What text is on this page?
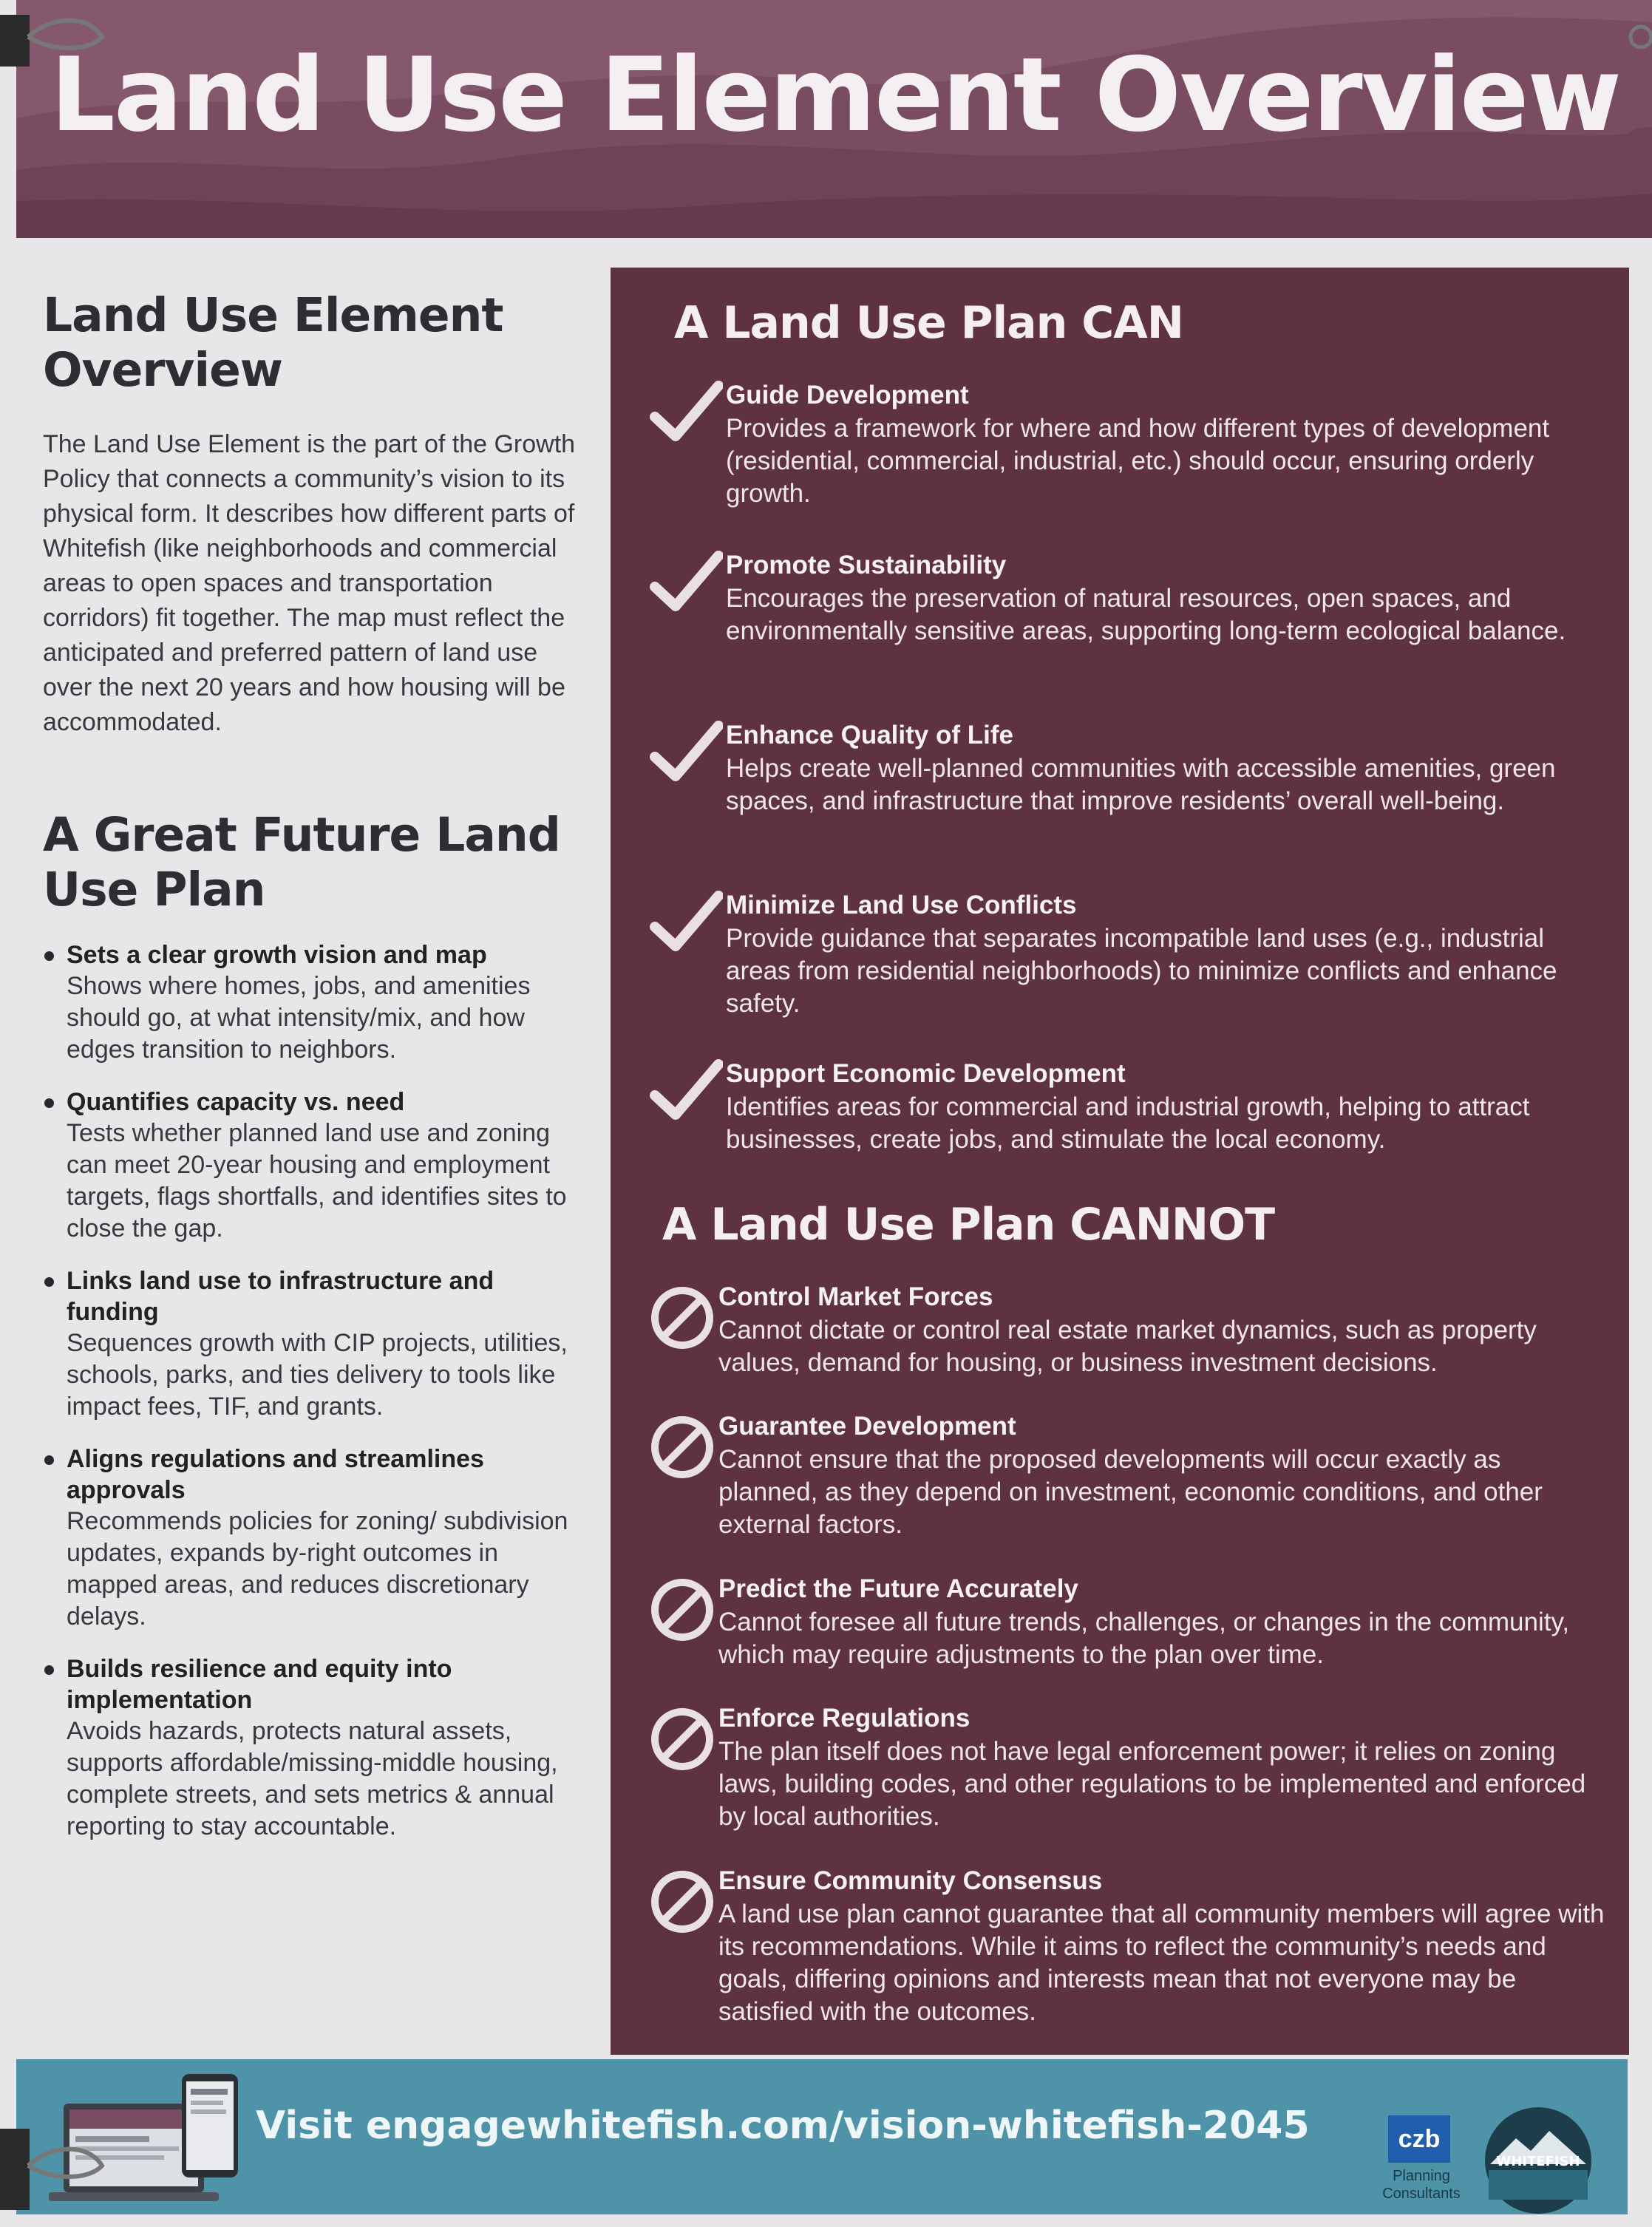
Land Use Element Overview
Land Use Element Overview

The Land Use Element is the part of the Growth Policy that connects a community’s vision to its physical form. It describes how different parts of Whitefish (like neighborhoods and commercial areas to open spaces and transportation corridors) fit together. The map must reflect the anticipated and preferred pattern of land use over the next 20 years and how housing will be accommodated.

A Great Future Land Use Plan
Sets a clear growth vision and map
Shows where homes, jobs, and amenities should go, at what intensity/mix, and how edges transition to neighbors.
Quantifies capacity vs. need
Tests whether planned land use and zoning can meet 20-year housing and employment targets, flags shortfalls, and identifies sites to close the gap.
Links land use to infrastructure and funding
Sequences growth with CIP projects, utilities, schools, parks, and ties delivery to tools like impact fees, TIF, and grants.
Aligns regulations and streamlines approvals
Recommends policies for zoning/ subdivision updates, expands by-right outcomes in mapped areas, and reduces discretionary delays.
Builds resilience and equity into implementation
Avoids hazards, protects natural assets, supports affordable/missing-middle housing, complete streets, and sets metrics & annual reporting to stay accountable.
A Land Use Plan CAN
Guide Development
Provides a framework for where and how different types of development (residential, commercial, industrial, etc.) should occur, ensuring orderly growth.
Promote Sustainability
Encourages the preservation of natural resources, open spaces, and environmentally sensitive areas, supporting long-term ecological balance.
Enhance Quality of Life
Helps create well-planned communities with accessible amenities, green spaces, and infrastructure that improve residents’ overall well-being.
Minimize Land Use Conflicts
Provide guidance that separates incompatible land uses (e.g., industrial areas from residential neighborhoods) to minimize conflicts and enhance safety.
Support Economic Development
Identifies areas for commercial and industrial growth, helping to attract businesses, create jobs, and stimulate the local economy.
A Land Use Plan CANNOT
Control Market Forces
Cannot dictate or control real estate market dynamics, such as property values, demand for housing, or business investment decisions.
Guarantee Development
Cannot ensure that the proposed developments will occur exactly as planned, as they depend on investment, economic conditions, and other external factors.
Predict the Future Accurately
Cannot foresee all future trends, challenges, or changes in the community, which may require adjustments to the plan over time.
Enforce Regulations
The plan itself does not have legal enforcement power; it relies on zoning laws, building codes, and other regulations to be implemented and enforced by local authorities.
Ensure Community Consensus
A land use plan cannot guarantee that all community members will agree with its recommendations. While it aims to reflect the community’s needs and goals, differing opinions and interests mean that not everyone may be satisfied with the outcomes.
Visit engagewhitefish.com/vision-whitefish-2045	czb
Planning
Consultants
WHITEFISH
